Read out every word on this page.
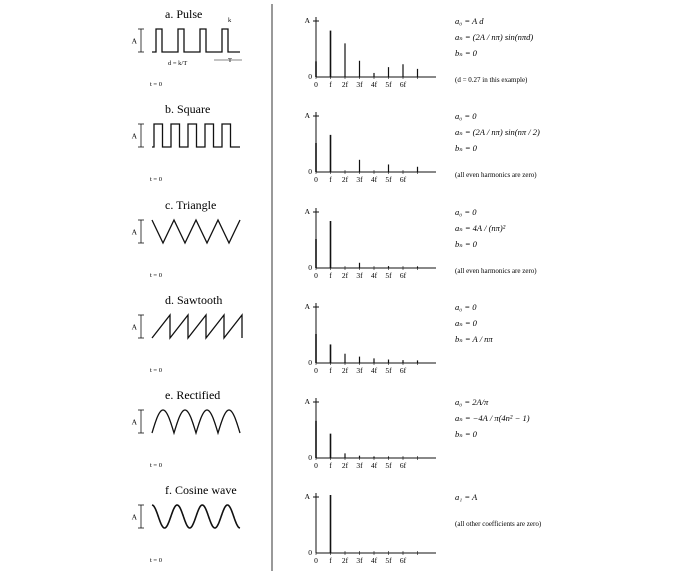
a. Pulse
A
t = 0
d = k/T	T
k	A
0
0 f 2f 3f 4f 5f 6f
a₀ = A d
aₙ = (2A / nπ) sin(nπd)
bₙ = 0
(d = 0.27 in this example)
b. Square
A
t = 0
A
0
0 f 2f 3f 4f 5f 6f
a₀ = 0
aₙ = (2A / nπ) sin(nπ / 2)
bₙ = 0
(all even harmonics are zero)
c. Triangle
A
t = 0
A
0
0 f 2f 3f 4f 5f 6f
a₀ = 0
aₙ = 4A / (nπ)²
bₙ = 0
(all even harmonics are zero)
d. Sawtooth
A
t = 0
A
0
0 f 2f 3f 4f 5f 6f
a₀ = 0
aₙ = 0
bₙ = A / nπ
e. Rectified
A
t = 0
A
0
0 f 2f 3f 4f 5f 6f
a₀ = 2A/π
aₙ = −4A / π(4n² − 1)
bₙ = 0
f. Cosine wave
A
t = 0
A
0
0 f 2f 3f 4f 5f 6f
a₁ = A
(all other coefficients are zero)
